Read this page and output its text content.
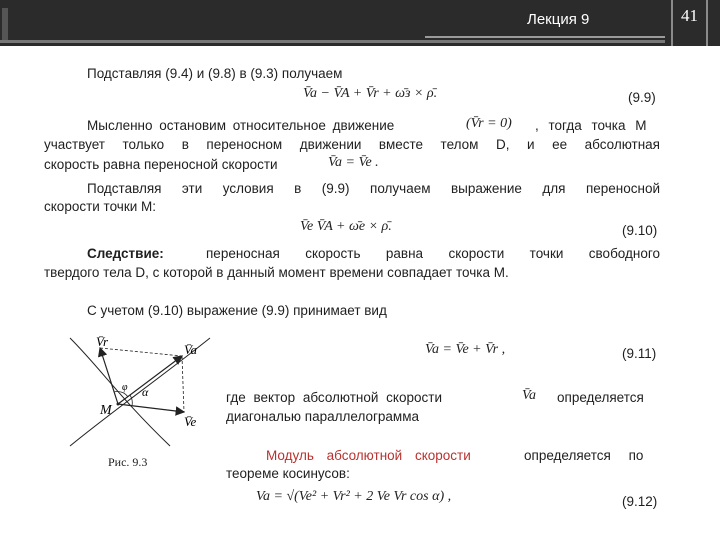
Лекция 9	41
Подставляя (9.4) и (9.8) в (9.3) получаем
V̄a − V̄A + V̄r + ω̄з × ρ̄.	(9.9)
Мысленно остановим относительное движение	(V̄r = 0) , тогда точка M
участвует только в переносном движении вместе телом D, и ее абсолютная
скорость равна переносной скорости	V̄a = V̄e .
Подставляя эти условия в (9.9) получаем выражение для переносной
скорости точки M:
V̄e V̄A + ω̄e × ρ̄.	(9.10)
Следствие:	переносная скорость равна скорости точки свободного
твердого тела D, с которой в данный момент времени совпадает точка M.
С учетом (9.10) выражение (9.9) принимает вид
V̄a = V̄e + V̄r ,	(9.11)
где вектор абсолютной скорости	V̄a определяется
диагональю параллелограмма
Модуль абсолютной скорости	определяется по
теореме косинусов:
Va = √(Ve² + Vr² + 2 Ve Vr cos α) ,	(9.12)
V̄r
V̄a
V̄e
M
α
φ
Рис. 9.3
